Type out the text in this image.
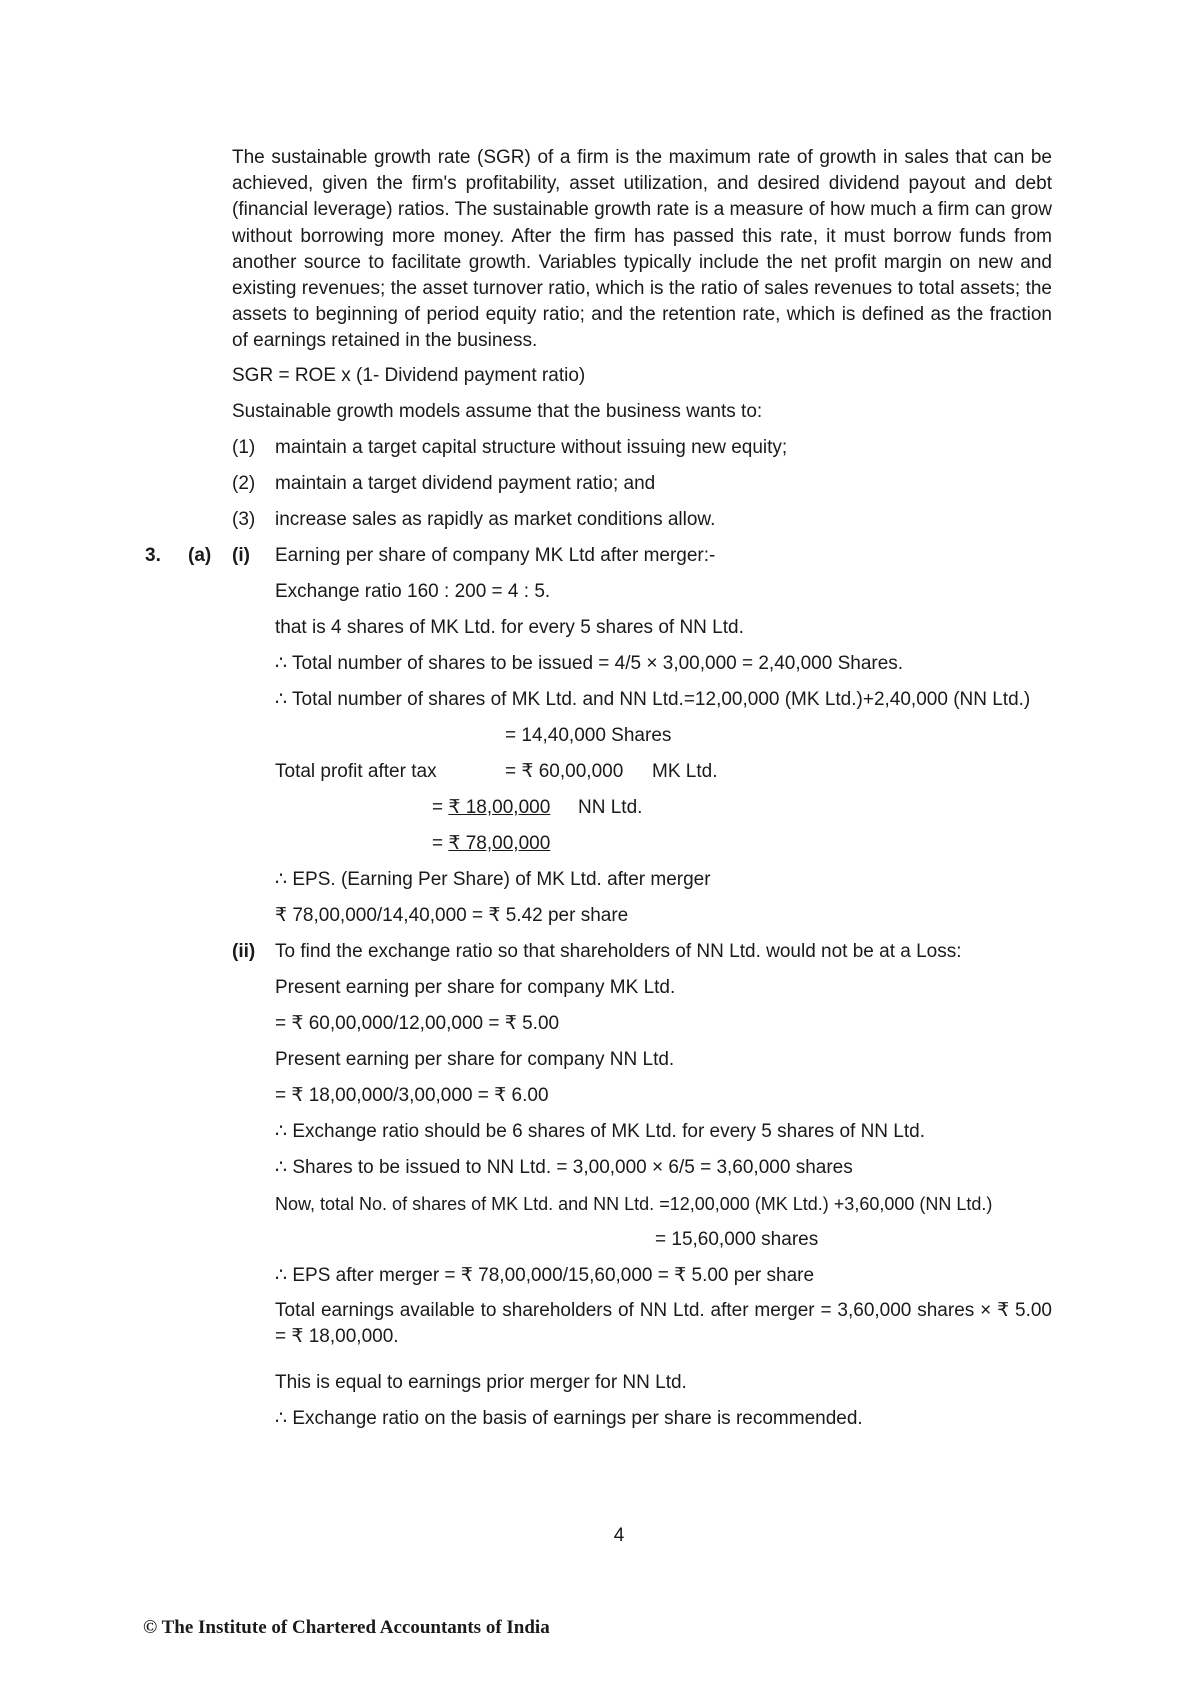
The sustainable growth rate (SGR) of a firm is the maximum rate of growth in sales that can be achieved, given the firm's profitability, asset utilization, and desired dividend payout and debt (financial leverage) ratios. The sustainable growth rate is a measure of how much a firm can grow without borrowing more money. After the firm has passed this rate, it must borrow funds from another source to facilitate growth. Variables typically include the net profit margin on new and existing revenues; the asset turnover ratio, which is the ratio of sales revenues to total assets; the assets to beginning of period equity ratio; and the retention rate, which is defined as the fraction of earnings retained in the business.

SGR = ROE x (1- Dividend payment ratio)
Sustainable growth models assume that the business wants to:
(1) maintain a target capital structure without issuing new equity;
(2) maintain a target dividend payment ratio; and
(3) increase sales as rapidly as market conditions allow.
3. (a) (i) Earning per share of company MK Ltd after merger:-
Exchange ratio 160 : 200 = 4 : 5.
that is 4 shares of MK Ltd. for every 5 shares of NN Ltd.
∴ Total number of shares to be issued = 4/5 × 3,00,000 = 2,40,000 Shares.
∴ Total number of shares of MK Ltd. and NN Ltd.=12,00,000 (MK Ltd.)+2,40,000 (NN Ltd.)
= 14,40,000 Shares
Total profit after tax	= ₹ 60,00,000 MK Ltd.
= ₹ 18,00,000 NN Ltd.
= ₹ 78,00,000
∴ EPS. (Earning Per Share) of MK Ltd. after merger
₹ 78,00,000/14,40,000 = ₹ 5.42 per share
(ii) To find the exchange ratio so that shareholders of NN Ltd. would not be at a Loss:
Present earning per share for company MK Ltd.
= ₹ 60,00,000/12,00,000 = ₹ 5.00
Present earning per share for company NN Ltd.
= ₹ 18,00,000/3,00,000 = ₹ 6.00
∴ Exchange ratio should be 6 shares of MK Ltd. for every 5 shares of NN Ltd.
∴ Shares to be issued to NN Ltd. = 3,00,000 × 6/5 = 3,60,000 shares
Now, total No. of shares of MK Ltd. and NN Ltd. =12,00,000 (MK Ltd.) +3,60,000 (NN Ltd.)
= 15,60,000 shares
∴ EPS after merger = ₹ 78,00,000/15,60,000 = ₹ 5.00 per share
Total earnings available to shareholders of NN Ltd. after merger = 3,60,000 shares × ₹ 5.00 = ₹ 18,00,000.
This is equal to earnings prior merger for NN Ltd.
∴ Exchange ratio on the basis of earnings per share is recommended.
4
© The Institute of Chartered Accountants of India
